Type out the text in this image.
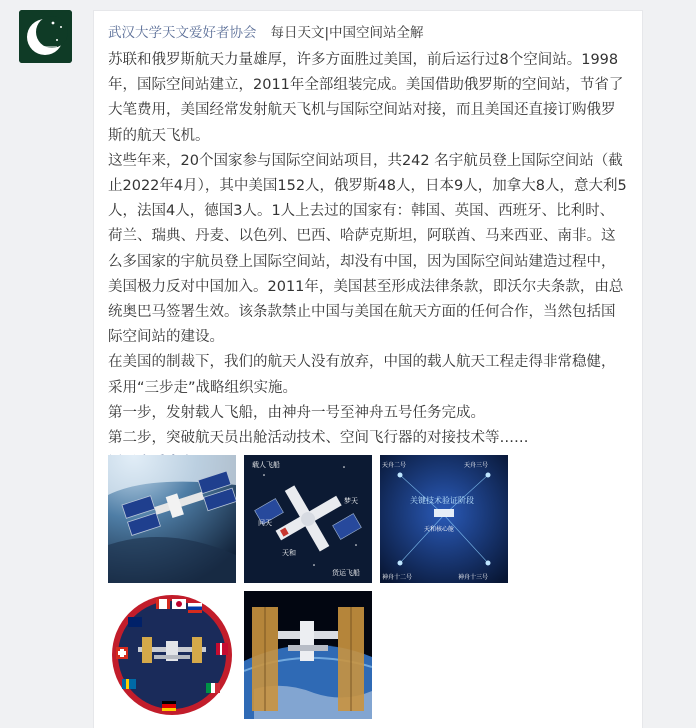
武汉大学天文爱好者协会 每日天文|中国空间站全解

苏联和俄罗斯航天力量雄厚，许多方面胜过美国，前后运行过8个空间站。1998年，国际空间站建立，2011年全部组装完成。美国借助俄罗斯的空间站，节省了大笔费用，美国经常发射航天飞机与国际空间站对接，而且美国还直接订购俄罗斯的航天飞机。

这些年来，20个国家参与国际空间站项目，共242 名宇航员登上国际空间站（截止2022年4月），其中美国152人，俄罗斯48人，日本9人，加拿大8人，意大利5人，法国4人，德国3人。1人上去过的国家有：韩国、英国、西班牙、比利时、荷兰、瑞典、丹麦、以色列、巴西、哈萨克斯坦，阿联酋、马来西亚、南非。这么多国家的宇航员登上国际空间站，却没有中国，因为国际空间站建造过程中，美国极力反对中国加入。2011年，美国甚至形成法律条款，即沃尔夫条款，由总统奥巴马签署生效。该条款禁止中国与美国在航天方面的任何合作，当然包括国际空间站的建设。

在美国的制裁下，我们的航天人没有放弃，中国的载人航天工程走得非常稳健，采用“三步走”战略组织实施。

第一步，发射载人飞船，由神舟一号至神舟五号任务完成。

第二步，突破航天员出舱活动技术、空间飞行器的对接技术等……

载人飞船
货运飞船
问天
天和
梦天
天舟二号	天舟三号
神舟十二号	神舟十三号
关键技术验证阶段
天和核心舱
